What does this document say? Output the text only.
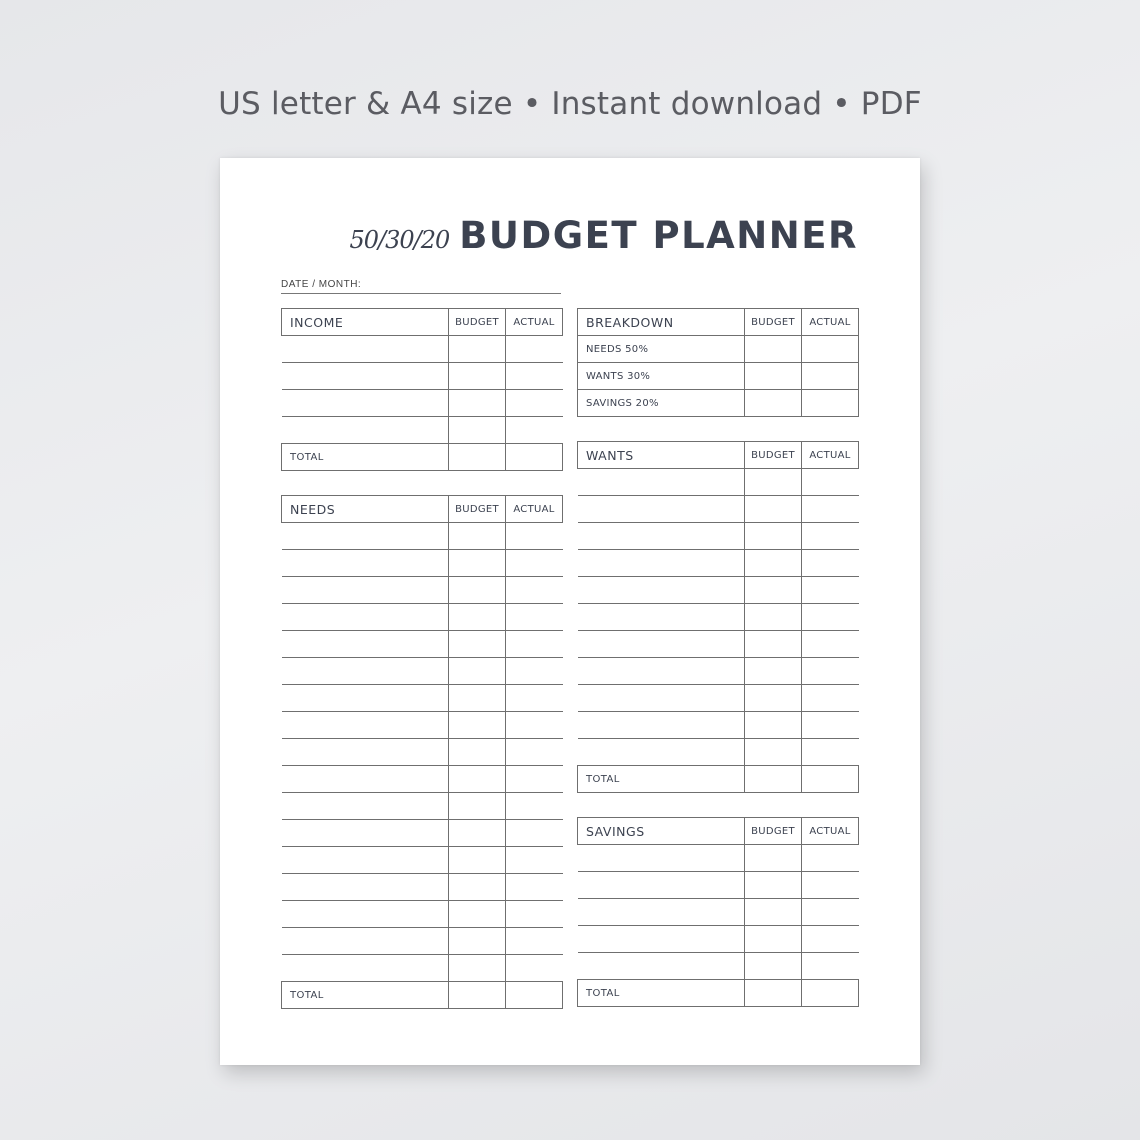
US letter & A4 size • Instant download • PDF
50/30/20 BUDGET PLANNER
DATE / MONTH:
INCOME	BUDGET	ACTUAL

TOTAL		
NEEDS	BUDGET	ACTUAL

TOTAL		
BREAKDOWN	BUDGET	ACTUAL
NEEDS 50%		
WANTS 30%		
SAVINGS 20%		
WANTS	BUDGET	ACTUAL

TOTAL		
SAVINGS	BUDGET	ACTUAL

TOTAL		
